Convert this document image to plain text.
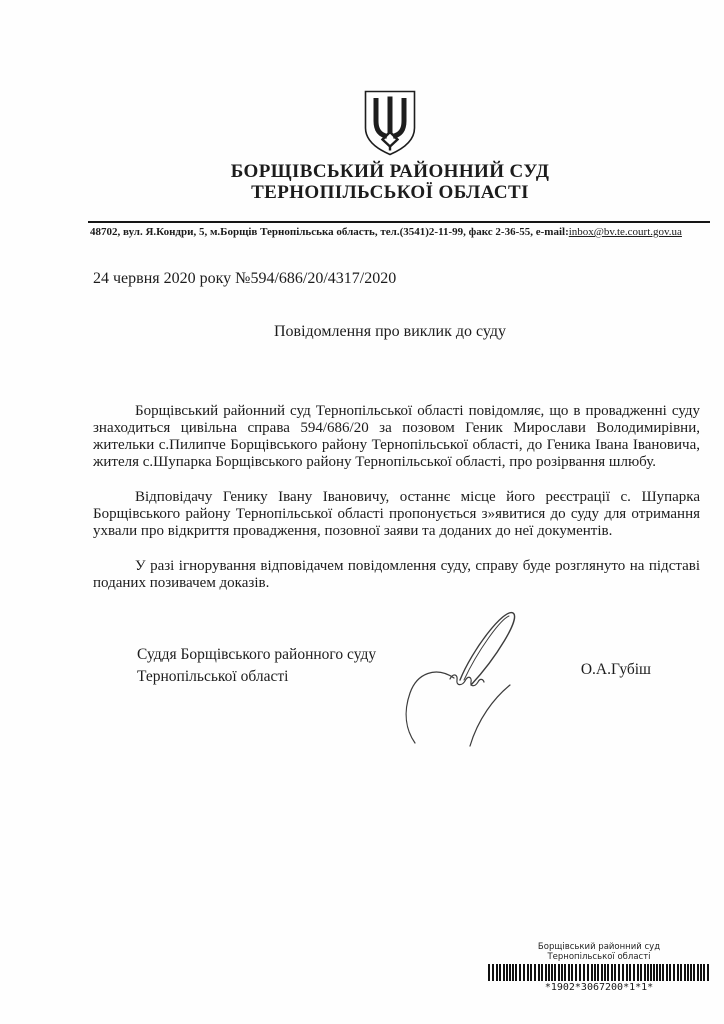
БОРЩІВСЬКИЙ РАЙОННИЙ СУД
ТЕРНОПІЛЬСЬКОЇ ОБЛАСТІ
48702, вул. Я.Кондри, 5, м.Борщів Тернопільська область, тел.(3541)2-11-99, факс 2-36-55, e-mail:inbox@bv.te.court.gov.ua
24 червня 2020 року №594/686/20/4317/2020
Повідомлення про виклик до суду
Борщівський районний суд Тернопільської області повідомляє, що в провадженні суду знаходиться цивільна справа 594/686/20 за позовом Геник Мирослави Володимирівни, жительки с.Пилипче Борщівського району Тернопільської області, до Геника Івана Івановича, жителя с.Шупарка Борщівського району Тернопільської області, про розірвання шлюбу.
Відповідачу Генику Івану Івановичу, останнє місце його реєстрації с. Шупарка Борщівського району Тернопільської області пропонується з»явитися до суду для отримання ухвали про відкриття провадження, позовної заяви та доданих до неї документів.
У разі ігнорування відповідачем повідомлення суду, справу буде розглянуто на підставі поданих позивачем доказів.
Суддя Борщівського районного суду
Тернопільської області	О.А.Губіш
Борщівський районний суд
Тернопільської області
*1902*3067200*1*1*
